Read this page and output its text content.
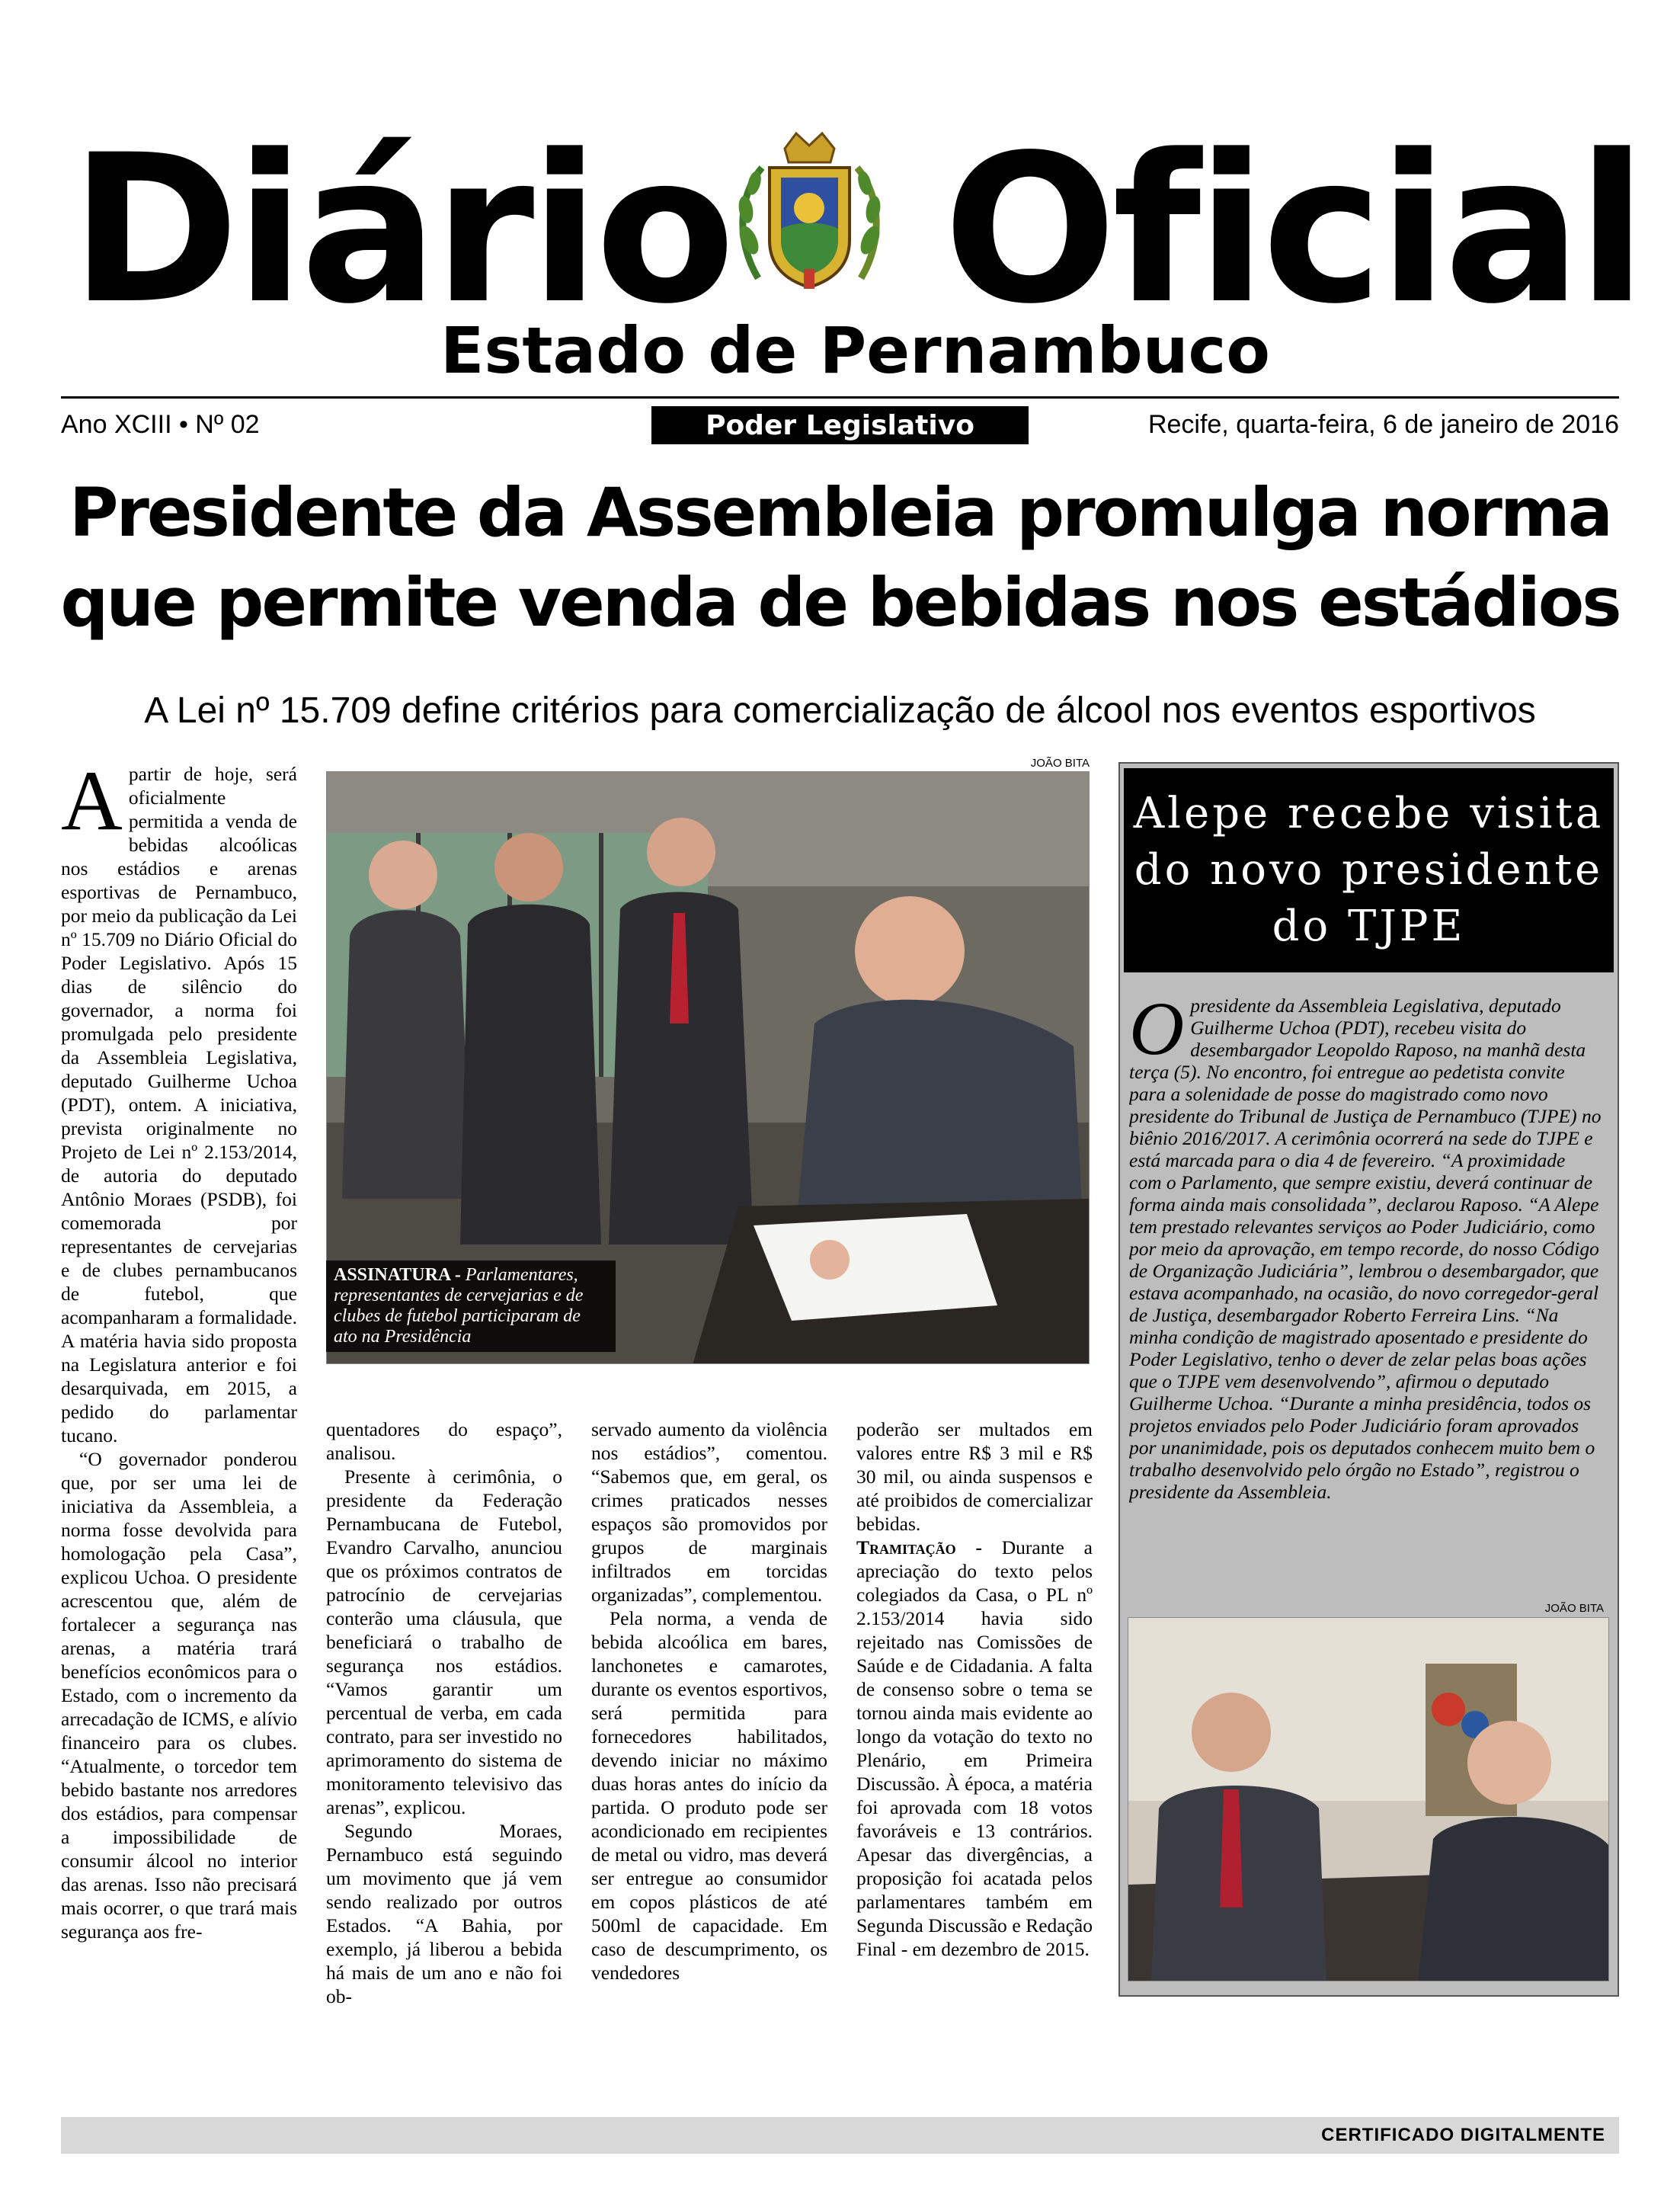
Diário Oficial
Estado de Pernambuco
Ano XCIII • Nº 02	Poder Legislativo	Recife, quarta-feira, 6 de janeiro de 2016
Presidente da Assembleia promulga norma
que permite venda de bebidas nos estádios
A Lei nº 15.709 define critérios para comercialização de álcool nos eventos esportivos
JOÃO BITA
ASSINATURA - Parlamentares, representantes de cervejarias e de clubes de futebol participaram de ato na Presidência

Apartir de hoje, será oficialmente permitida a venda de bebidas alcoólicas nos estádios e arenas esportivas de Pernambuco, por meio da publicação da Lei nº 15.709 no Diário Oficial do Poder Legislativo. Após 15 dias de silêncio do governador, a norma foi promulgada pelo presidente da Assembleia Legislativa, deputado Guilherme Uchoa (PDT), ontem. A iniciativa, prevista originalmente no Projeto de Lei nº 2.153/2014, de autoria do deputado Antônio Moraes (PSDB), foi comemorada por representantes de cervejarias e de clubes pernambucanos de futebol, que acompanharam a formalidade. A matéria havia sido proposta na Legislatura anterior e foi desarquivada, em 2015, a pedido do parlamentar tucano.

“O governador ponderou que, por ser uma lei de iniciativa da Assembleia, a norma fosse devolvida para homologação pela Casa”, explicou Uchoa. O presidente acrescentou que, além de fortalecer a segurança nas arenas, a matéria trará benefícios econômicos para o Estado, com o incremento da arrecadação de ICMS, e alívio financeiro para os clubes. “Atualmente, o torcedor tem bebido bastante nos arredores dos estádios, para compensar a impossibilidade de consumir álcool no interior das arenas. Isso não precisará mais ocorrer, o que trará mais segurança aos fre-

quentadores do espaço”, analisou.

Presente à cerimônia, o presidente da Federação Pernambucana de Futebol, Evandro Carvalho, anunciou que os próximos contratos de patrocínio de cervejarias conterão uma cláusula, que beneficiará o trabalho de segurança nos estádios. “Vamos garantir um percentual de verba, em cada contrato, para ser investido no aprimoramento do sistema de monitoramento televisivo das arenas”, explicou.

Segundo Moraes, Pernambuco está seguindo um movimento que já vem sendo realizado por outros Estados. “A Bahia, por exemplo, já liberou a bebida há mais de um ano e não foi ob-

servado aumento da violência nos estádios”, comentou. “Sabemos que, em geral, os crimes praticados nesses espaços são promovidos por grupos de marginais infiltrados em torcidas organizadas”, complementou.

Pela norma, a venda de bebida alcoólica em bares, lanchonetes e camarotes, durante os eventos esportivos, será permitida para fornecedores habilitados, devendo iniciar no máximo duas horas antes do início da partida. O produto pode ser acondicionado em recipientes de metal ou vidro, mas deverá ser entregue ao consumidor em copos plásticos de até 500ml de capacidade. Em caso de descumprimento, os vendedores

poderão ser multados em valores entre R$ 3 mil e R$ 30 mil, ou ainda suspensos e até proibidos de comercializar bebidas.

Tramitação - Durante a apreciação do texto pelos colegiados da Casa, o PL nº 2.153/2014 havia sido rejeitado nas Comissões de Saúde e de Cidadania. A falta de consenso sobre o tema se tornou ainda mais evidente ao longo da votação do texto no Plenário, em Primeira Discussão. À época, a matéria foi aprovada com 18 votos favoráveis e 13 contrários. Apesar das divergências, a proposição foi acatada pelos parlamentares também em Segunda Discussão e Redação Final - em dezembro de 2015.

Alepe recebe visita do novo presidente do TJPE

Opresidente da Assembleia Legislativa, deputado Guilherme Uchoa (PDT), recebeu visita do desembargador Leopoldo Raposo, na manhã desta terça (5). No encontro, foi entregue ao pedetista convite para a solenidade de posse do magistrado como novo presidente do Tribunal de Justiça de Pernambuco (TJPE) no biênio 2016/2017. A cerimônia ocorrerá na sede do TJPE e está marcada para o dia 4 de fevereiro. “A proximidade com o Parlamento, que sempre existiu, deverá continuar de forma ainda mais consolidada”, declarou Raposo. “A Alepe tem prestado relevantes serviços ao Poder Judiciário, como por meio da aprovação, em tempo recorde, do nosso Código de Organização Judiciária”, lembrou o desembargador, que estava acompanhado, na ocasião, do novo corregedor-geral de Justiça, desembargador Roberto Ferreira Lins. “Na minha condição de magistrado aposentado e presidente do Poder Legislativo, tenho o dever de zelar pelas boas ações que o TJPE vem desenvolvendo”, afirmou o deputado Guilherme Uchoa. “Durante a minha presidência, todos os projetos enviados pelo Poder Judiciário foram aprovados por unanimidade, pois os deputados conhecem muito bem o trabalho desenvolvido pelo órgão no Estado”, registrou o presidente da Assembleia.

JOÃO BITA
CERTIFICADO DIGITALMENTE
